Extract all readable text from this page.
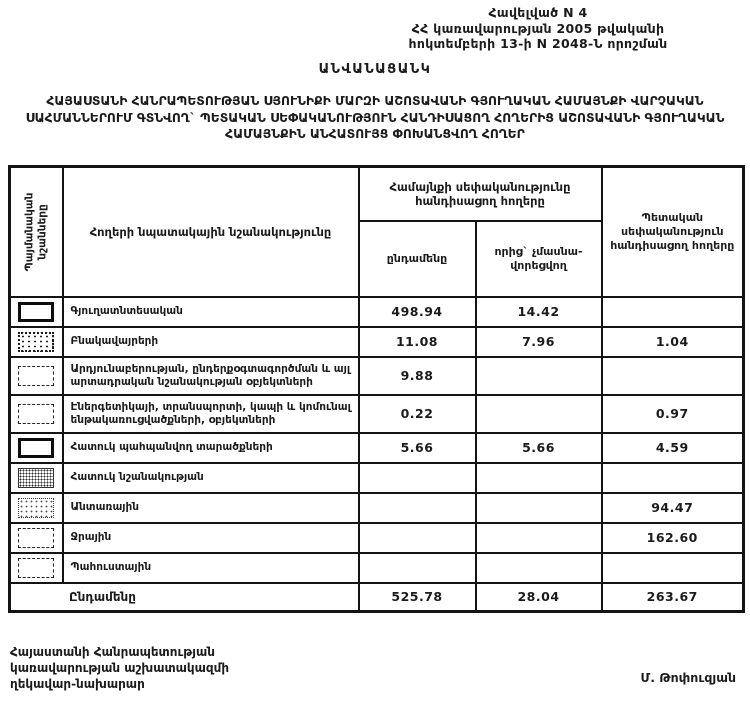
Հավելված N 4
ՀՀ կառավարության 2005 թվականի
հոկտեմբերի 13-ի N 2048-Ն որոշման
ԱՆՎԱՆԱՑԱՆԿ
ՀԱՅԱՍՏԱՆԻ ՀԱՆՐԱՊԵՏՈՒԹՅԱՆ ՍՅՈՒՆԻՔԻ ՄԱՐԶԻ ԱՇՈՏԱՎԱՆԻ ԳՅՈՒՂԱԿԱՆ ՀԱՄԱՅՆՔԻ ՎԱՐՉԱԿԱՆ ՍԱՀՄԱՆՆԵՐՈՒՄ ԳՏՆՎՈՂ` ՊԵՏԱԿԱՆ ՍԵՓԱԿԱՆՈՒԹՅՈՒՆ ՀԱՆԴԻՍԱՑՈՂ ՀՈՂԵՐԻՑ ԱՇՈՏԱՎԱՆԻ ԳՅՈՒՂԱԿԱՆ ՀԱՄԱՅՆՔԻՆ ԱՆՀԱՏՈՒՅՑ ՓՈԽԱՆՑՎՈՂ ՀՈՂԵՐ
Պայմանական նշանները	Հողերի նպատակային նշանակությունը	Համայնքի սեփականությունը հանդիսացող հողերը		Պետական սեփականություն հանդիսացող հողերը
		ընդամենը	որից` չմասնա-վորեցվող	

	Գյուղատնտեսական	498.94	14.42	

	Բնակավայրերի	11.08	7.96	1.04

	Արդյունաբերության, ընդերքօգտագործման և այլ արտադրական նշանակության օբյեկտների	9.88		

	Էներգետիկայի, տրանսպորտի, կապի և կոմունալ ենթակառուցվածքների, օբյեկտների	0.22		0.97

	Հատուկ պահպանվող տարածքների	5.66	5.66	4.59

	Հատուկ նշանակության			

	Անտառային			94.47

	Ջրային			162.60

	Պահուստային			
Ընդամենը		525.78	28.04	263.67
Հայաստանի Հանրապետության
կառավարության աշխատակազմի
ղեկավար-նախարար	Մ. Թոփուզյան
